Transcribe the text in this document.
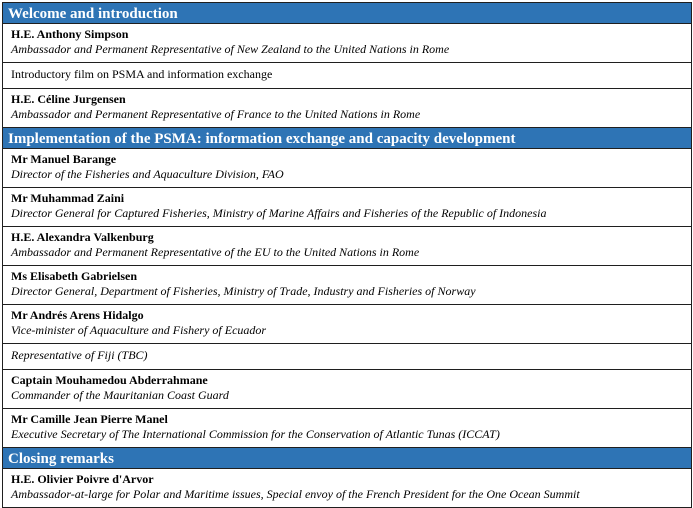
Welcome and introduction

H.E. Anthony Simpson
Ambassador and Permanent Representative of New Zealand to the United Nations in Rome

Introductory film on PSMA and information exchange

H.E. Céline Jurgensen
Ambassador and Permanent Representative of France to the United Nations in Rome

Implementation of the PSMA: information exchange and capacity development

Mr Manuel Barange
Director of the Fisheries and Aquaculture Division, FAO

Mr Muhammad Zaini
Director General for Captured Fisheries, Ministry of Marine Affairs and Fisheries of the Republic of Indonesia

H.E. Alexandra Valkenburg
Ambassador and Permanent Representative of the EU to the United Nations in Rome

Ms Elisabeth Gabrielsen
Director General, Department of Fisheries, Ministry of Trade, Industry and Fisheries of Norway

Mr Andrés Arens Hidalgo
Vice-minister of Aquaculture and Fishery of Ecuador

Representative of Fiji (TBC)

Captain Mouhamedou Abderrahmane
Commander of the Mauritanian Coast Guard

Mr Camille Jean Pierre Manel
Executive Secretary of The International Commission for the Conservation of Atlantic Tunas (ICCAT)

Closing remarks

H.E. Olivier Poivre d'Arvor
Ambassador-at-large for Polar and Maritime issues, Special envoy of the French President for the One Ocean Summit
